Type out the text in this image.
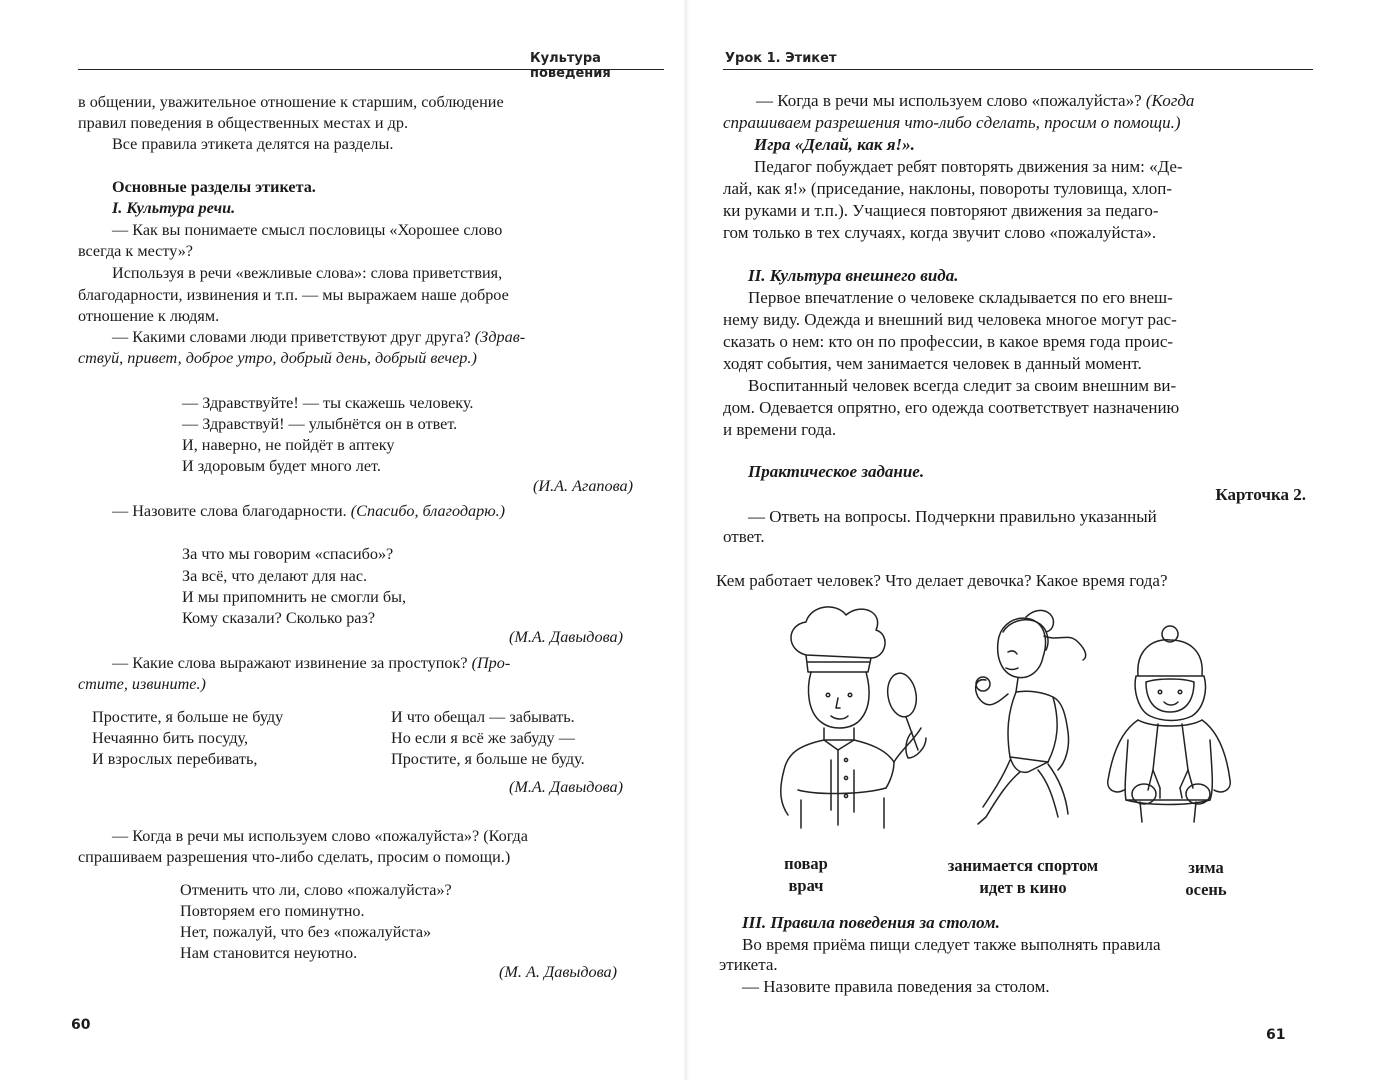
Культура поведения
в общении, уважительное отношение к старшим, соблюдение
правил поведения в общественных местах и др.
Все правила этикета делятся на разделы.
Основные разделы этикета.
I. Культура речи.
— Как вы понимаете смысл пословицы «Хорошее слово
всегда к месту»?
Используя в речи «вежливые слова»: слова приветствия,
благодарности, извинения и т.п. — мы выражаем наше доброе
отношение к людям.
— Какими словами люди приветствуют друг друга? (Здрав-
ствуй, привет, доброе утро, добрый день, добрый вечер.)
— Здравствуйте! — ты скажешь человеку.
— Здравствуй! — улыбнётся он в ответ.
И, наверно, не пойдёт в аптеку
И здоровым будет много лет.
(И.А. Агапова)
— Назовите слова благодарности. (Спасибо, благодарю.)
За что мы говорим «спасибо»?
За всё, что делают для нас.
И мы припомнить не смогли бы,
Кому сказали? Сколько раз?
(М.А. Давыдова)
— Какие слова выражают извинение за проступок? (Про-
стите, извините.)
Простите, я больше не буду
Нечаянно бить посуду,
И взрослых перебивать,
И что обещал — забывать.
Но если я всё же забуду —
Простите, я больше не буду.
(М.А. Давыдова)
— Когда в речи мы используем слово «пожалуйста»? (Когда
спрашиваем разрешения что-либо сделать, просим о помощи.)
Отменить что ли, слово «пожалуйста»?
Повторяем его поминутно.
Нет, пожалуй, что без «пожалуйста»
Нам становится неуютно.
(М. А. Давыдова)
60
Урок 1. Этикет
— Когда в речи мы используем слово «пожалуйста»? (Когда
спрашиваем разрешения что-либо сделать, просим о помощи.)
Игра «Делай, как я!».
Педагог побуждает ребят повторять движения за ним: «Де-
лай, как я!» (приседание, наклоны, повороты туловища, хлоп-
ки руками и т.п.). Учащиеся повторяют движения за педаго-
гом только в тех случаях, когда звучит слово «пожалуйста».
II. Культура внешнего вида.
Первое впечатление о человеке складывается по его внеш-
нему виду. Одежда и внешний вид человека многое могут рас-
сказать о нем: кто он по профессии, в какое время года проис-
ходят события, чем занимается человек в данный момент.
Воспитанный человек всегда следит за своим внешним ви-
дом. Одевается опрятно, его одежда соответствует назначению
и времени года.
Практическое задание.
Карточка 2.
— Ответь на вопросы. Подчеркни правильно указанный
ответ.
Кем работает человек? Что делает девочка? Какое время года?
повар
врач
занимается спортом
идет в кино
зима
осень
III. Правила поведения за столом.
Во время приёма пищи следует также выполнять правила
этикета.
— Назовите правила поведения за столом.
61
